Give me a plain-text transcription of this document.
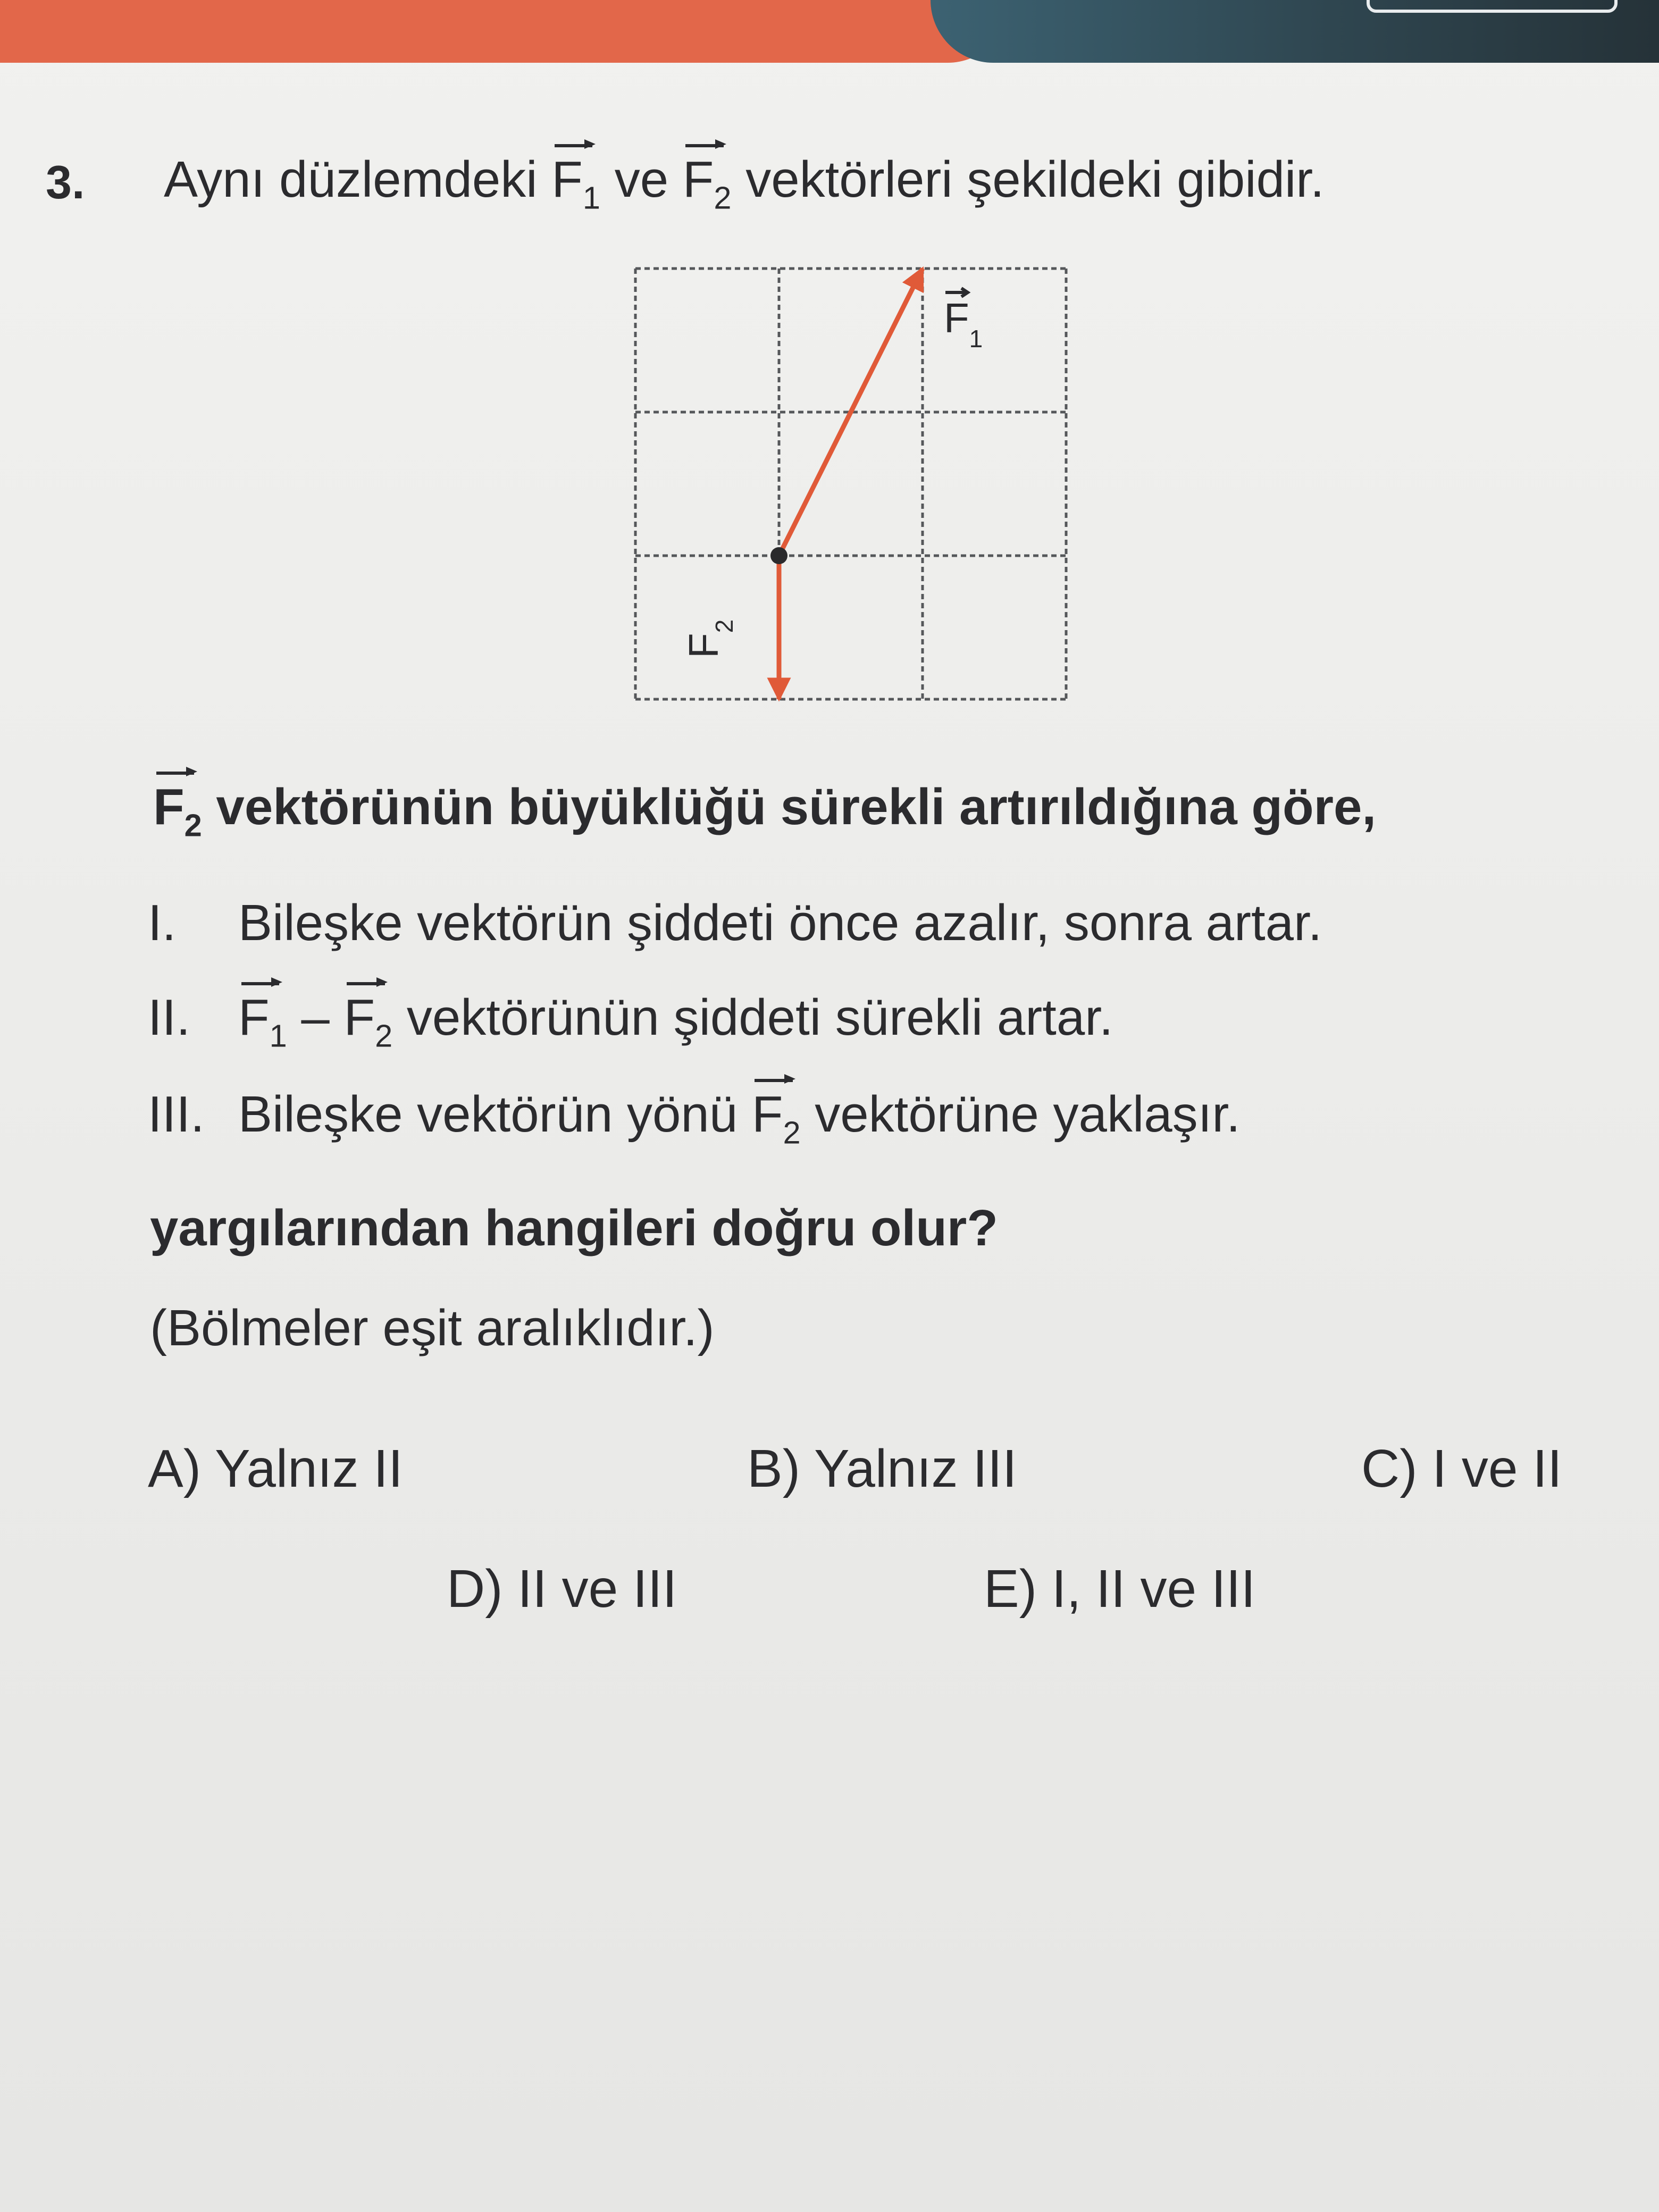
3. Aynı düzlemdeki $F_1$ ve $F_2$ vektörleri şekildeki gibidir.
$F_1$
$F_2$
$F_2$ vektörünün büyüklüğü sürekli artırıldığına göre,
I. Bileşke vektörün şiddeti önce azalır, sonra artar.
II. $F_1 - F_2$ vektörünün şiddeti sürekli artar.
III. Bileşke vektörün yönü $F_2$ vektörüne yaklaşır.
yargılarından hangileri doğru olur?
(Bölmeler eşit aralıklıdır.)
A) Yalnız II	B) Yalnız III	C) I ve II
D) II ve III	E) I, II ve III
